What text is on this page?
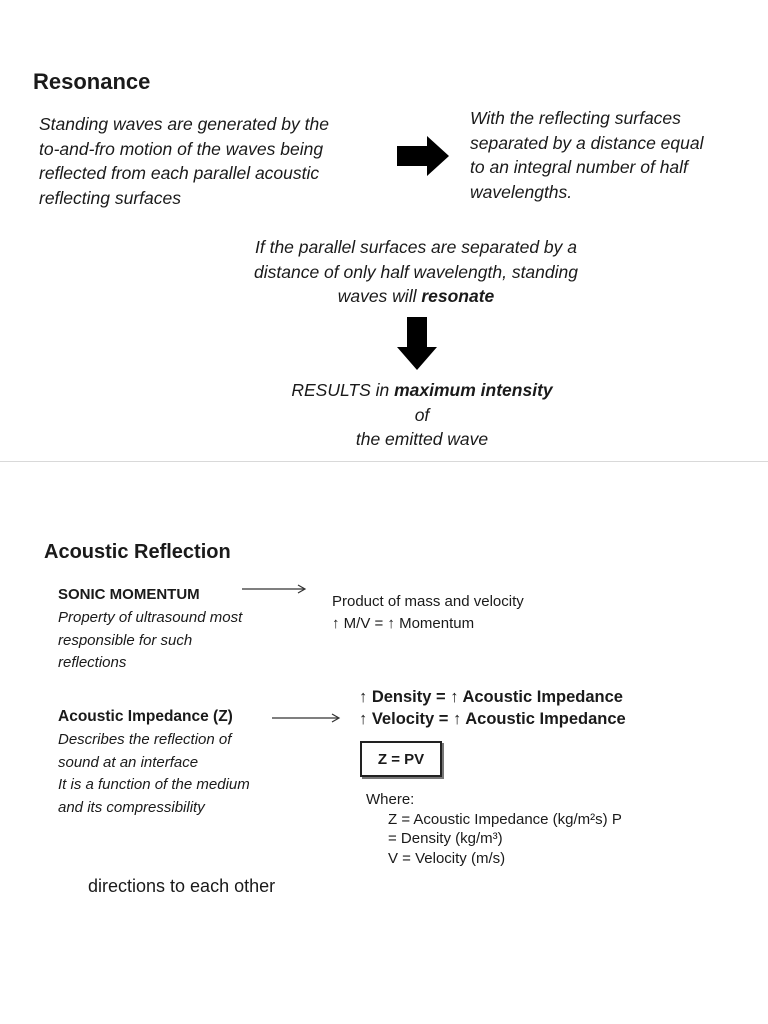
Resonance
Standing waves are generated by the
to-and-fro motion of the waves being
reflected from each parallel acoustic
reflecting surfaces
With the reflecting surfaces
separated by a distance equal
to an integral number of half
wavelengths.
If the parallel surfaces are separated by a
distance of only half wavelength, standing
waves will resonate
RESULTS in maximum intensity
of
the emitted wave
Acoustic Reflection
SONIC MOMENTUM
Property of ultrasound most
responsible for such
reflections
Product of mass and velocity
↑ M/V = ↑ Momentum
↑ Density = ↑ Acoustic Impedance
↑ Velocity = ↑ Acoustic Impedance
Acoustic Impedance (Z)
Describes the reflection of
sound at an interface
It is a function of the medium
and its compressibility
Z = PV
Where:
Z = Acoustic Impedance (kg/m²s) P
= Density (kg/m³)
V = Velocity (m/s)
directions to each other
